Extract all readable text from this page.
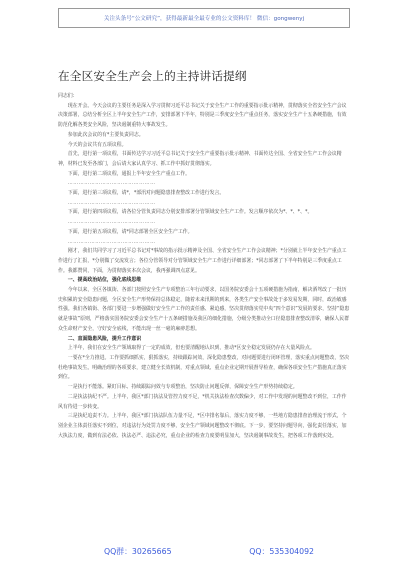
关注头条号“公文研究”，获得最新最全最专业的公文资料库！ 微信：gongwenyj
在全区安全生产会上的主持讲话提纲

同志们：

现在开会。今天会议的主要任务是深入学习贯彻习近平总书记关于安全生产工作的重要指示批示精神，贯彻落实全省安全生产会议决策部署，总结分析全区上半年安全生产工作，安排部署下半年，特别是三季度安全生产重点任务，落实安全生产十五条硬措施，有效防范化解各类安全风险，坚决遏制重特大事故发生。

参加此次会议的有*主要负责同志。

今天的会议共有五项议程。

首先，进行第一项议程，书面传达学习习近平总书记关于安全生产重要指示批示精神、书面传达全国、全省安全生产工作会议精神，材料已发至各部门，会后请大家认真学习、抓工作中抓好贯彻落实。

下面，进行第二项议程，通报上半年安全生产重点工作。

…………………………………………

下面，进行第三项议程，请*，*部汛对问题隐患排查整改工作进行发言。

…………………………………………

下面，进行第四项议程，请各位分管负责同志分别安排部署分管领域安全生产工作。发言顺序依次为*、*、*、*。

…………………………………………

下面，进行第五项议程，请*同志部署全区安全生产工作。

…………………………………………

刚才，我们共同学习了习近平总书记对*事故的指示批示精神及全国、全省安全生产工作会议精神；*分别就上半年安全生产重点工作进行了汇报，*分别做了交流发言；各位分管领导对分管领域安全生产工作进行详细部署；*同志部署了下半年特别是三季度重点工作。我都赞同，下面，为贯彻落实本次会议，我再强调四点意见。

一、提高政治站位，强化底线思维

今年以来，全区各镇街、各部门按照安全生产专项整治三年行动要求，以国务院安委会十五项硬措施为指南，解决酒驾改了一批历史积累的安全隐患问题，全区安全生产形势保持总体稳定，随着未来汛期的到来，各类生产安全事故处于多发易发期，同时，政治敏感性强。我们各镇街、各部门要进一步增强做好安全生产工作的责任感、紧迫感，坚决贯彻落实党中央“四个意识”发展的要求，坚持“隐患就是事故”原则，严格落实国务院安委会安全生产十五条硬措施及我区的细化措施，分级分类推动全口径隐患排查整改清零，确保人民群众生命财产安全，守好安全底线，不能出现一丝一毫的麻痹思想。

二、直面隐患风险，提升工作意识

上半年，我们在安全生产领域取得了一定的成效，但也要清醒地认识到，推动*区安全稳定发展仍存在大量风险点。

一要在*全力推进。工作要抓细抓实，狠抓落实，持续跟踪问效，深化隐患整改，对问题要进行闭环管理，落实重点问题整改，坚决杜绝事故发生。明确治理的各项要求，建立健全长效机制，对重点领域、重点企业定期开展督导检查，确保各项安全生产措施真正落实到位。

一是执行不能落。紧盯目标、持续跟踪问效与专项整治，坚决防止问题反弹，保障安全生产形势持续稳定。

二是执法执纪不严。上半年，我区*部门执法及管控力度不足，*机关执法检查次数偏少，对工作中发现的问题整改不到位，工作作风有待进一步转变。

三是执纪追责不力。上半年，我区*部门执法队伍力量不足，*区中排名靠后，落实力度不够，一些地方隐患排查治理流于形式，个别企业主体责任落实不到位，对违法行为处罚力度不够，安全生产领域问题整改不彻底。下一步，要坚持问题导向，强化责任落实，加大执法力度，做到有法必依、执法必严、违法必究，重点企业的检查力度要明显加大，坚决遏制事故发生，把各项工作落到实处。

QQ群：30265665	QQ：535304092
